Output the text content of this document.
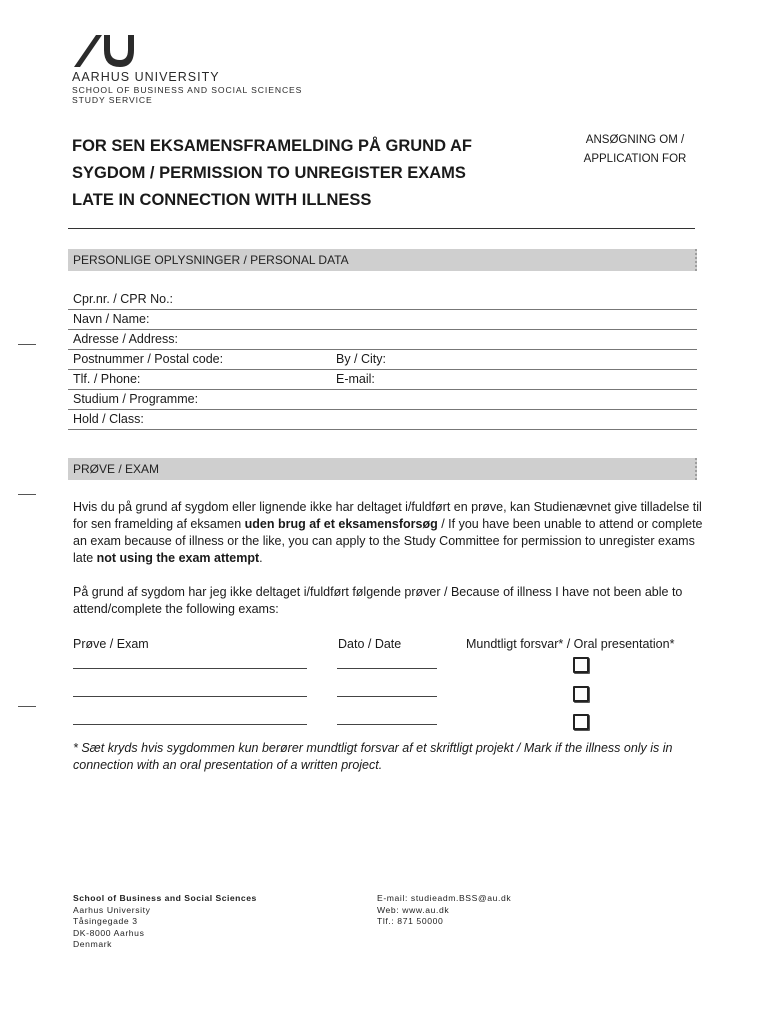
AARHUS UNIVERSITY
SCHOOL OF BUSINESS AND SOCIAL SCIENCES
STUDY SERVICE
FOR SEN EKSAMENSFRAMELDING PÅ GRUND AF
SYGDOM / PERMISSION TO UNREGISTER EXAMS
LATE IN CONNECTION WITH ILLNESS
ANSØGNING OM /
APPLICATION FOR
PERSONLIGE OPLYSNINGER / PERSONAL DATA
Cpr.nr. / CPR No.:
Navn / Name:
Adresse / Address:
Postnummer / Postal code:	By / City:
Tlf. / Phone:	E-mail:
Studium / Programme:
Hold / Class:
PRØVE / EXAM
Hvis du på grund af sygdom eller lignende ikke har deltaget i/fuldført en prøve, kan Studienævnet give tilladelse til for sen framelding af eksamen uden brug af et eksamensforsøg / If you have been unable to attend or complete an exam because of illness or the like, you can apply to the Study Committee for permission to unregister exams late not using the exam attempt.
På grund af sygdom har jeg ikke deltaget i/fuldført følgende prøver / Because of illness I have not been able to attend/complete the following exams:
Prøve / Exam	Dato / Date	Mundtligt forsvar* / Oral presentation*
* Sæt kryds hvis sygdommen kun berører mundtligt forsvar af et skriftligt projekt / Mark if the illness only is in connection with an oral presentation of a written project.
School of Business and Social Sciences
Aarhus University
Tåsingegade 3
DK-8000 Aarhus
Denmark
E-mail: studieadm.BSS@au.dk
Web: www.au.dk
Tlf.: 871 50000
